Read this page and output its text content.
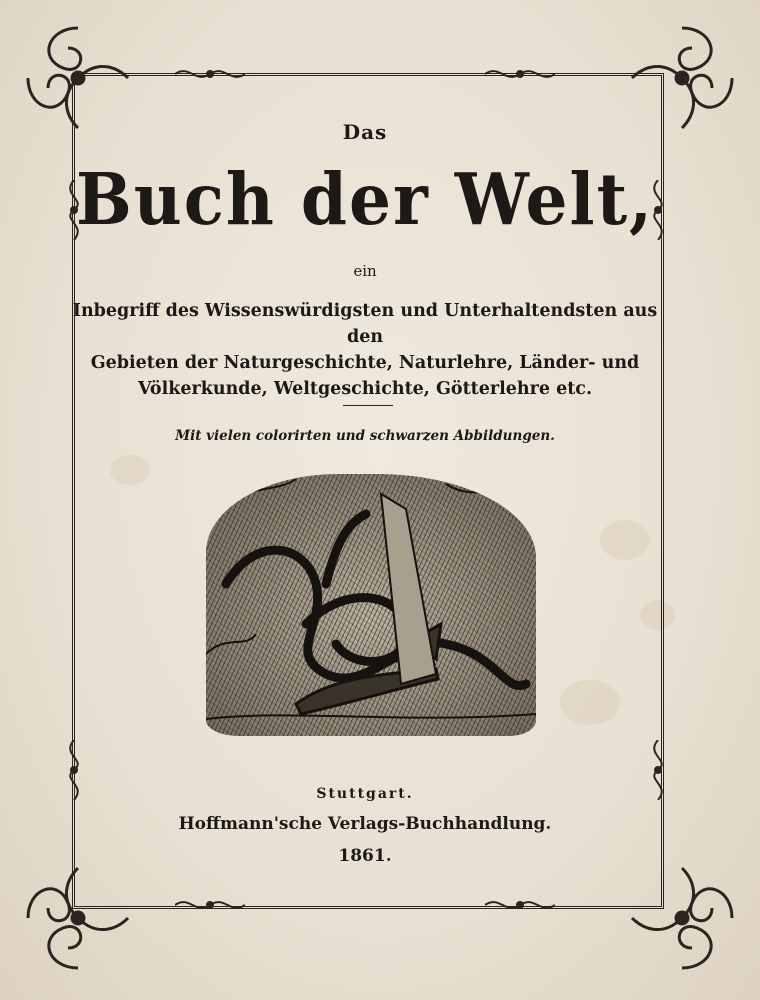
Das
Buch der Welt,
ein
Inbegriff des Wissenswürdigsten und Unterhaltendsten aus den
Gebieten der Naturgeschichte, Naturlehre, Länder- und
Völkerkunde, Weltgeschichte, Götterlehre etc.
Mit vielen colorirten und schwarzen Abbildungen.
Stuttgart.
Hoffmann'sche Verlags-Buchhandlung.
1861.
